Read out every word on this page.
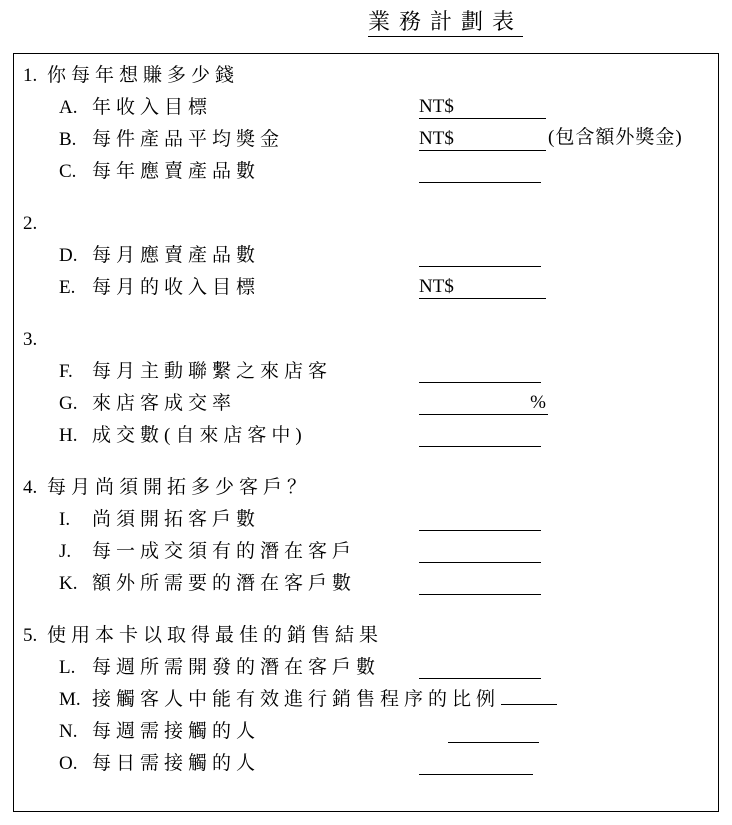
業務計劃表
1. 你每年想賺多少錢
A. 年收入目標	NT$
B. 每件產品平均獎金	NT$	(包含額外獎金)
C. 每年應賣產品數
2.
D. 每月應賣產品數
E. 每月的收入目標	NT$
3.
F. 每月主動聯繫之來店客
G. 來店客成交率	%
H. 成交數(自來店客中)
4. 每月尚須開拓多少客戶？
I. 尚須開拓客戶數
J. 每一成交須有的潛在客戶
K. 額外所需要的潛在客戶數
5. 使用本卡以取得最佳的銷售結果
L. 每週所需開發的潛在客戶數
M. 接觸客人中能有效進行銷售程序的比例
N. 每週需接觸的人
O. 每日需接觸的人
